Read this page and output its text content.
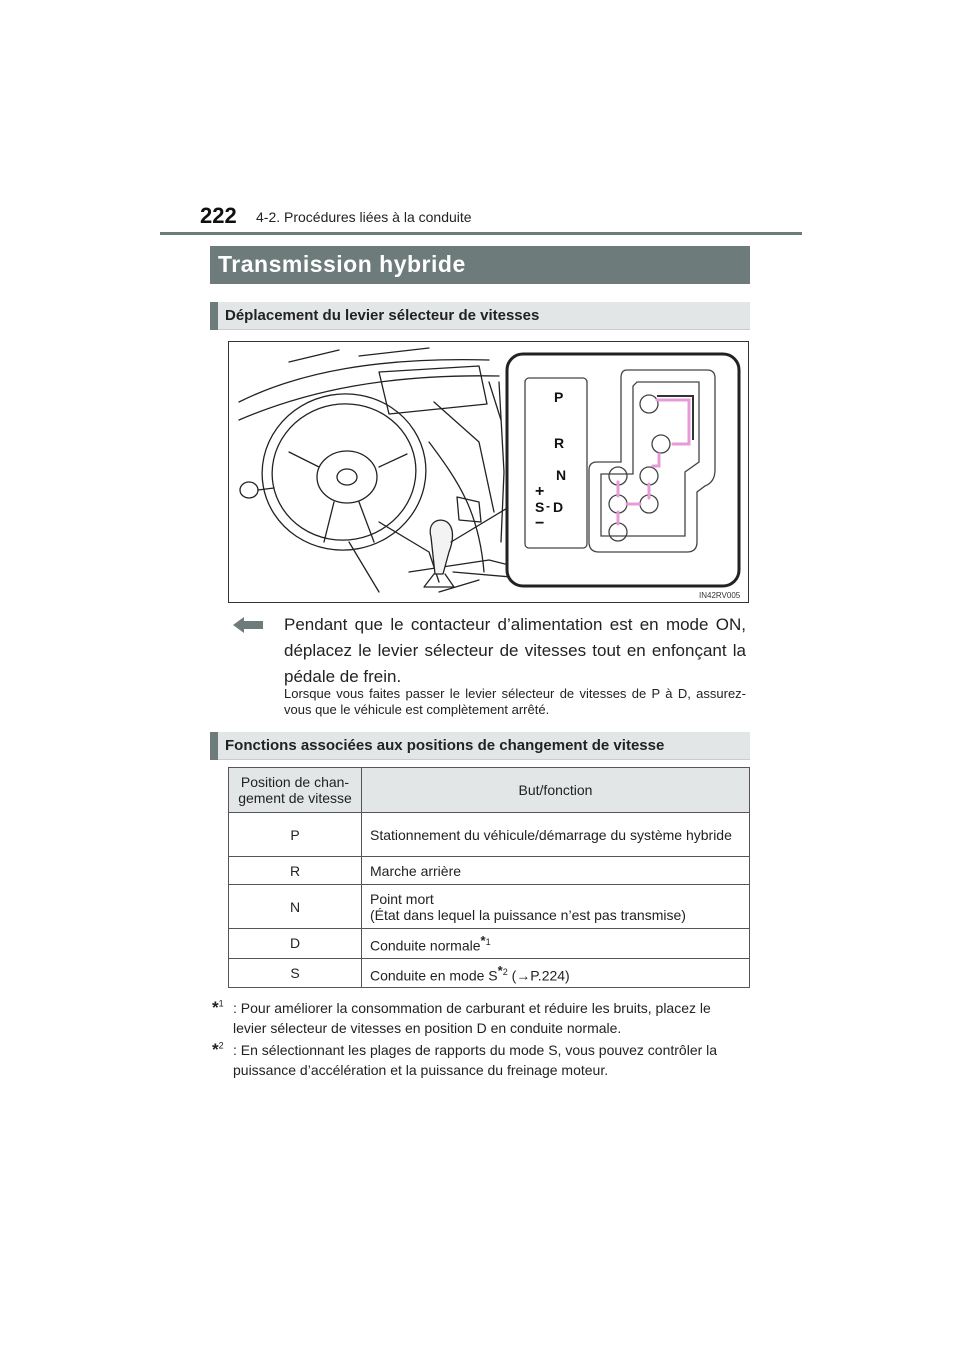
222 4-2. Procédures liées à la conduite
Transmission hybride
Déplacement du levier sélecteur de vitesses
P
R
N
D
S
+
−
-
IN42RV005
Pendant que le contacteur d’alimentation est en mode ON, déplacez le levier sélecteur de vitesses tout en enfonçant la pédale de frein.
Lorsque vous faites passer le levier sélecteur de vitesses de P à D, assurez-vous que le véhicule est complètement arrêté.
Fonctions associées aux positions de changement de vitesse
Position de chan- gement de vitesse	But/fonction
P	Stationnement du véhicule/démarrage du système hybride
R	Marche arrière
N	Point mort
(État dans lequel la puissance n’est pas transmise)

D	Conduite normale$^{*1}$
S	Conduite en mode $S^{*2}$ (→P.224)
*$^1$ : Pour améliorer la consommation de carburant et réduire les bruits, placez le levier sélecteur de vitesses en position D en conduite normale.
*$^2$ : En sélectionnant les plages de rapports du mode S, vous pouvez contrôler la puissance d’accélération et la puissance du freinage moteur.
